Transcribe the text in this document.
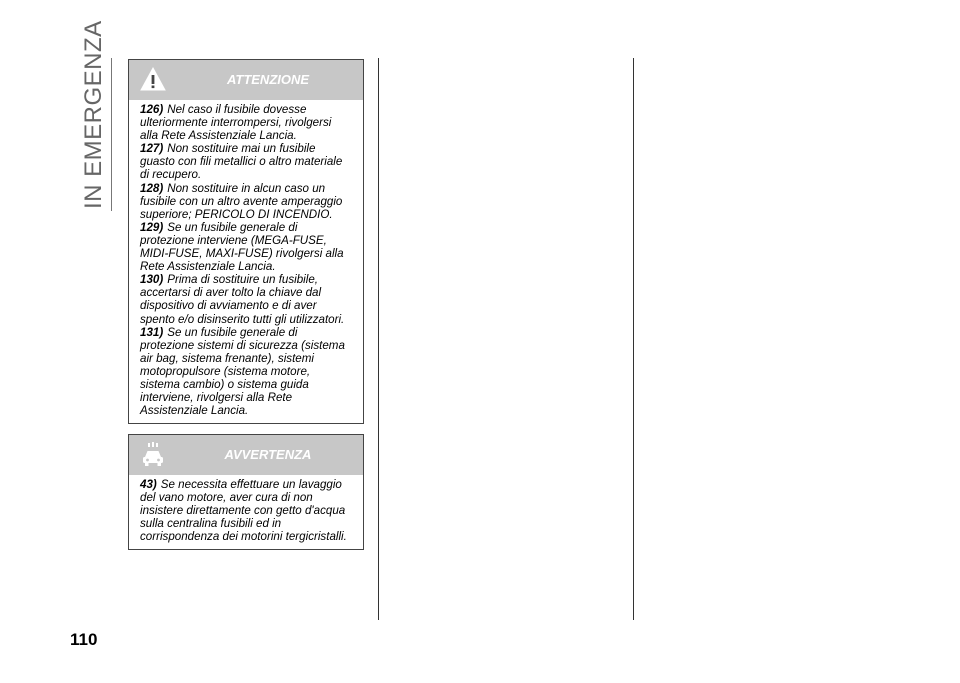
IN EMERGENZA
110
ATTENZIONE

126) Nel caso il fusibile dovesse ulteriormente interrompersi, rivolgersi alla Rete Assistenziale Lancia.

127) Non sostituire mai un fusibile guasto con fili metallici o altro materiale di recupero.

128) Non sostituire in alcun caso un fusibile con un altro avente amperaggio superiore; PERICOLO DI INCENDIO.

129) Se un fusibile generale di protezione interviene (MEGA-FUSE, MIDI-FUSE, MAXI-FUSE) rivolgersi alla Rete Assistenziale Lancia.

130) Prima di sostituire un fusibile, accertarsi di aver tolto la chiave dal dispositivo di avviamento e di aver spento e/o disinserito tutti gli utilizzatori.

131) Se un fusibile generale di protezione sistemi di sicurezza (sistema air bag, sistema frenante), sistemi motopropulsore (sistema motore, sistema cambio) o sistema guida interviene, rivolgersi alla Rete Assistenziale Lancia.

AVVERTENZA

43) Se necessita effettuare un lavaggio del vano motore, aver cura di non insistere direttamente con getto d'acqua sulla centralina fusibili ed in corrispondenza dei motorini tergicristalli.
